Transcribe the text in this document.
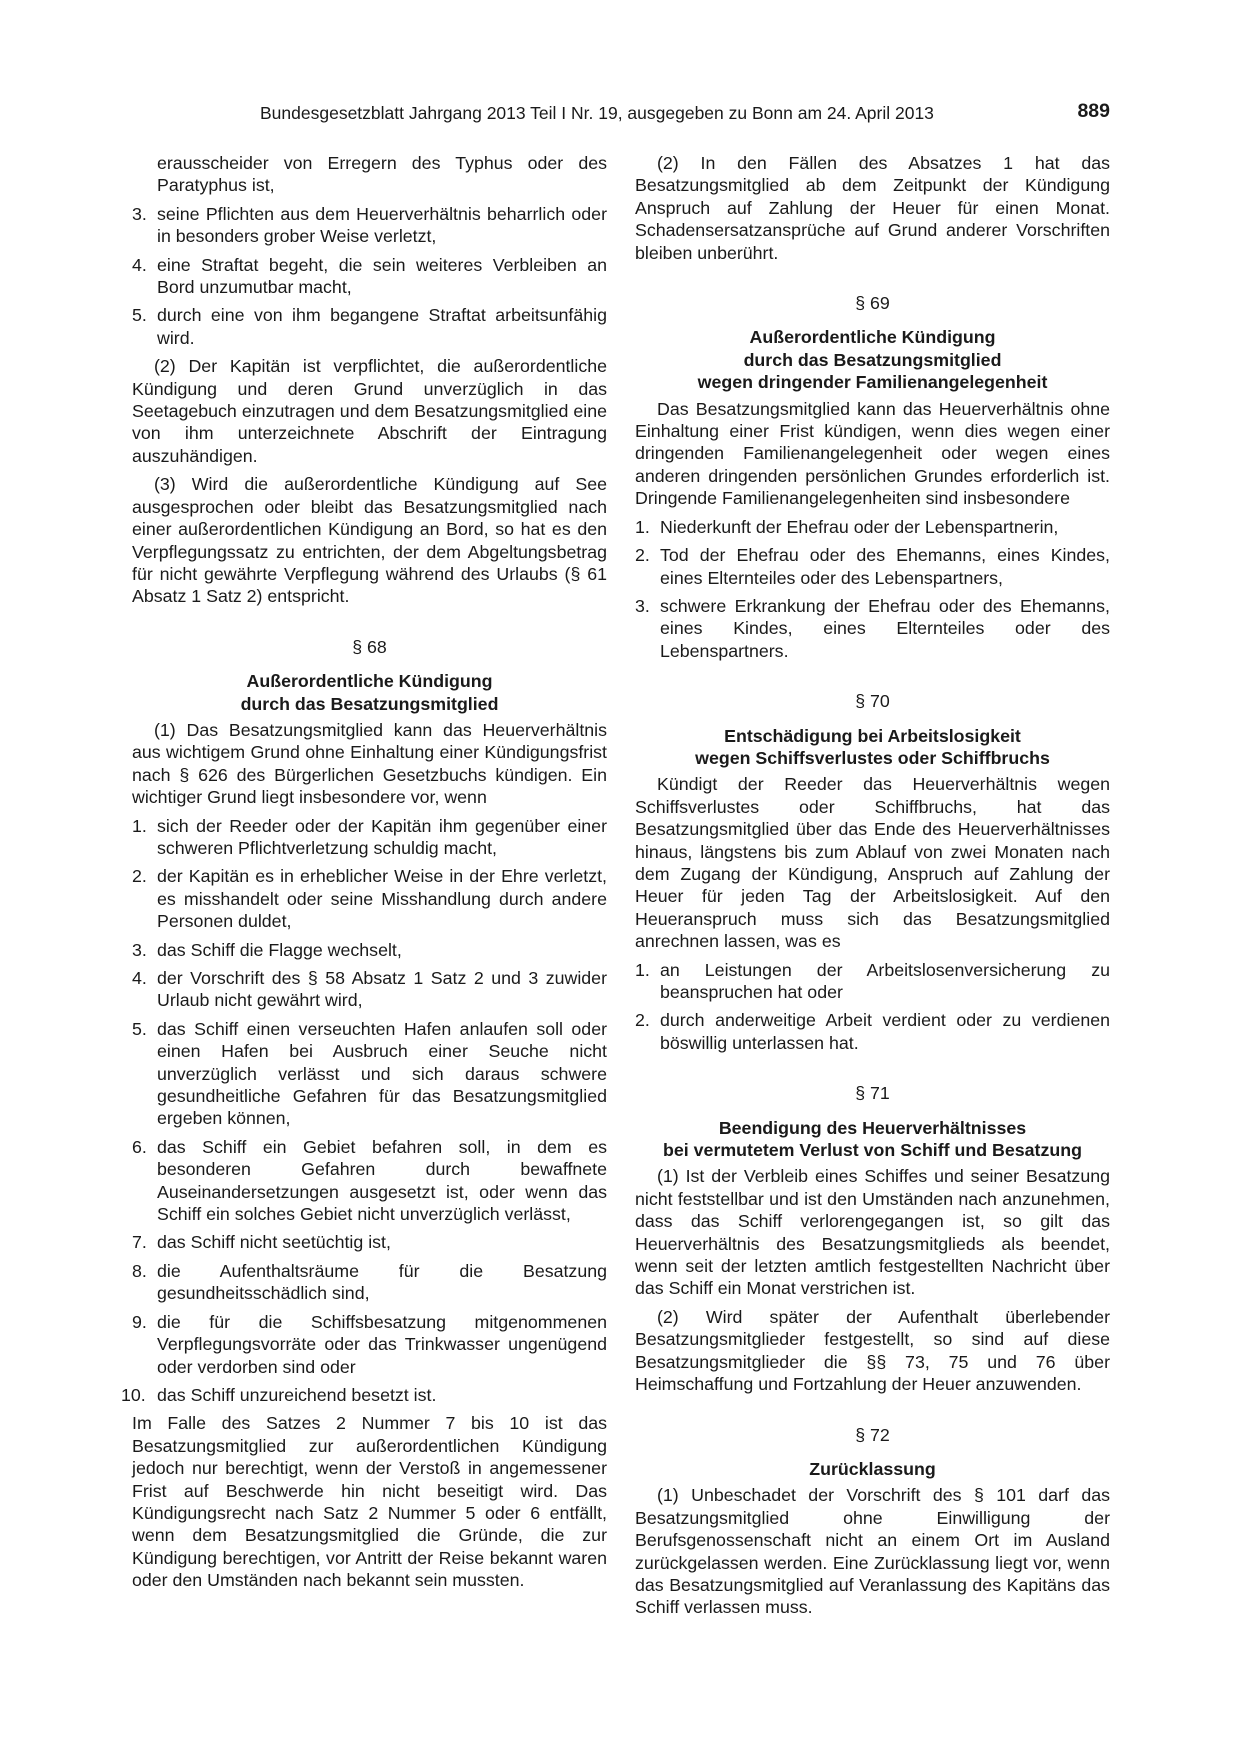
Bundesgesetzblatt Jahrgang 2013 Teil I Nr. 19, ausgegeben zu Bonn am 24. April 2013	889

erausscheider von Erregern des Typhus oder des Paratyphus ist,

3. seine Pflichten aus dem Heuerverhältnis beharrlich oder in besonders grober Weise verletzt,
4. eine Straftat begeht, die sein weiteres Verbleiben an Bord unzumutbar macht,
5. durch eine von ihm begangene Straftat arbeitsunfähig wird.

(2) Der Kapitän ist verpflichtet, die außerordentliche Kündigung und deren Grund unverzüglich in das Seetagebuch einzutragen und dem Besatzungsmitglied eine von ihm unterzeichnete Abschrift der Eintragung auszuhändigen.

(3) Wird die außerordentliche Kündigung auf See ausgesprochen oder bleibt das Besatzungsmitglied nach einer außerordentlichen Kündigung an Bord, so hat es den Verpflegungssatz zu entrichten, der dem Abgeltungsbetrag für nicht gewährte Verpflegung während des Urlaubs (§ 61 Absatz 1 Satz 2) entspricht.

§ 68
Außerordentliche Kündigung
durch das Besatzungsmitglied

(1) Das Besatzungsmitglied kann das Heuerverhältnis aus wichtigem Grund ohne Einhaltung einer Kündigungsfrist nach § 626 des Bürgerlichen Gesetzbuchs kündigen. Ein wichtiger Grund liegt insbesondere vor, wenn

1. sich der Reeder oder der Kapitän ihm gegenüber einer schweren Pflichtverletzung schuldig macht,
2. der Kapitän es in erheblicher Weise in der Ehre verletzt, es misshandelt oder seine Misshandlung durch andere Personen duldet,
3. das Schiff die Flagge wechselt,
4. der Vorschrift des § 58 Absatz 1 Satz 2 und 3 zuwider Urlaub nicht gewährt wird,
5. das Schiff einen verseuchten Hafen anlaufen soll oder einen Hafen bei Ausbruch einer Seuche nicht unverzüglich verlässt und sich daraus schwere gesundheitliche Gefahren für das Besatzungsmitglied ergeben können,
6. das Schiff ein Gebiet befahren soll, in dem es besonderen Gefahren durch bewaffnete Auseinandersetzungen ausgesetzt ist, oder wenn das Schiff ein solches Gebiet nicht unverzüglich verlässt,
7. das Schiff nicht seetüchtig ist,
8. die Aufenthaltsräume für die Besatzung gesundheitsschädlich sind,
9. die für die Schiffsbesatzung mitgenommenen Verpflegungsvorräte oder das Trinkwasser ungenügend oder verdorben sind oder
10. das Schiff unzureichend besetzt ist.

Im Falle des Satzes 2 Nummer 7 bis 10 ist das Besatzungsmitglied zur außerordentlichen Kündigung jedoch nur berechtigt, wenn der Verstoß in angemessener Frist auf Beschwerde hin nicht beseitigt wird. Das Kündigungsrecht nach Satz 2 Nummer 5 oder 6 entfällt, wenn dem Besatzungsmitglied die Gründe, die zur Kündigung berechtigen, vor Antritt der Reise bekannt waren oder den Umständen nach bekannt sein mussten.

(2) In den Fällen des Absatzes 1 hat das Besatzungsmitglied ab dem Zeitpunkt der Kündigung Anspruch auf Zahlung der Heuer für einen Monat. Schadensersatzansprüche auf Grund anderer Vorschriften bleiben unberührt.

§ 69
Außerordentliche Kündigung
durch das Besatzungsmitglied
wegen dringender Familienangelegenheit

Das Besatzungsmitglied kann das Heuerverhältnis ohne Einhaltung einer Frist kündigen, wenn dies wegen einer dringenden Familienangelegenheit oder wegen eines anderen dringenden persönlichen Grundes erforderlich ist. Dringende Familienangelegenheiten sind insbesondere

1. Niederkunft der Ehefrau oder der Lebenspartnerin,
2. Tod der Ehefrau oder des Ehemanns, eines Kindes, eines Elternteiles oder des Lebenspartners,
3. schwere Erkrankung der Ehefrau oder des Ehemanns, eines Kindes, eines Elternteiles oder des Lebenspartners.
§ 70
Entschädigung bei Arbeitslosigkeit
wegen Schiffsverlustes oder Schiffbruchs

Kündigt der Reeder das Heuerverhältnis wegen Schiffsverlustes oder Schiffbruchs, hat das Besatzungsmitglied über das Ende des Heuerverhältnisses hinaus, längstens bis zum Ablauf von zwei Monaten nach dem Zugang der Kündigung, Anspruch auf Zahlung der Heuer für jeden Tag der Arbeitslosigkeit. Auf den Heueranspruch muss sich das Besatzungsmitglied anrechnen lassen, was es

1. an Leistungen der Arbeitslosenversicherung zu beanspruchen hat oder
2. durch anderweitige Arbeit verdient oder zu verdienen böswillig unterlassen hat.
§ 71
Beendigung des Heuerverhältnisses
bei vermutetem Verlust von Schiff und Besatzung

(1) Ist der Verbleib eines Schiffes und seiner Besatzung nicht feststellbar und ist den Umständen nach anzunehmen, dass das Schiff verlorengegangen ist, so gilt das Heuerverhältnis des Besatzungsmitglieds als beendet, wenn seit der letzten amtlich festgestellten Nachricht über das Schiff ein Monat verstrichen ist.

(2) Wird später der Aufenthalt überlebender Besatzungsmitglieder festgestellt, so sind auf diese Besatzungsmitglieder die §§ 73, 75 und 76 über Heimschaffung und Fortzahlung der Heuer anzuwenden.

§ 72
Zurücklassung

(1) Unbeschadet der Vorschrift des § 101 darf das Besatzungsmitglied ohne Einwilligung der Berufsgenossenschaft nicht an einem Ort im Ausland zurückgelassen werden. Eine Zurücklassung liegt vor, wenn das Besatzungsmitglied auf Veranlassung des Kapitäns das Schiff verlassen muss.
